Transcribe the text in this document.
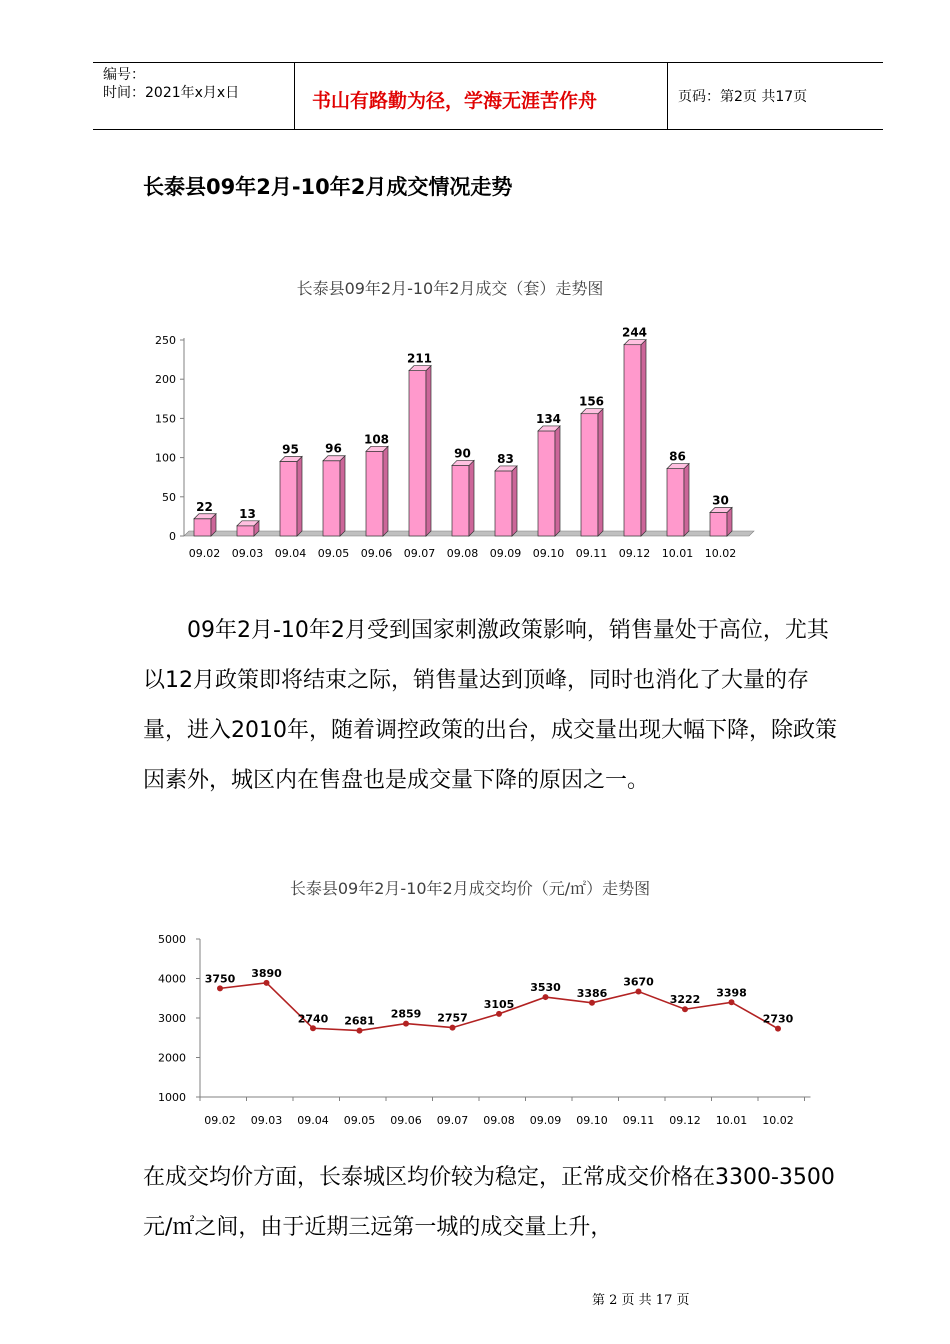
编号：
时间：2021年x月x日	书山有路勤为径，学海无涯苦作舟	页码：第2页 共17页
长泰县09年2月-10年2月成交情况走势
长泰县09年2月-10年2月成交（套）走势图
0
50
100
150
200
250
22
09.02
13
09.03
95
09.04
96
09.05
108
09.06
211
09.07
90
09.08
83
09.09
134
09.10
156
09.11
244
09.12
86
10.01
30
10.02
09年2月-10年2月受到国家刺激政策影响，销售量处于高位，尤其以12月政策即将结束之际，销售量达到顶峰，同时也消化了大量的存量，进入2010年，随着调控政策的出台，成交量出现大幅下降，除政策因素外，城区内在售盘也是成交量下降的原因之一。
长泰县09年2月-10年2月成交均价（元/㎡）走势图
1000
2000
3000
4000
5000
3750
09.02
3890
09.03
2740
09.04
2681
09.05
2859
09.06
2757
09.07
3105
09.08
3530
09.09
3386
09.10
3670
09.11
3222
09.12
3398
10.01
2730
10.02
在成交均价方面，长泰城区均价较为稳定，正常成交价格在3300-3500元/㎡之间，由于近期三远第一城的成交量上升，
第 2 页 共 17 页
